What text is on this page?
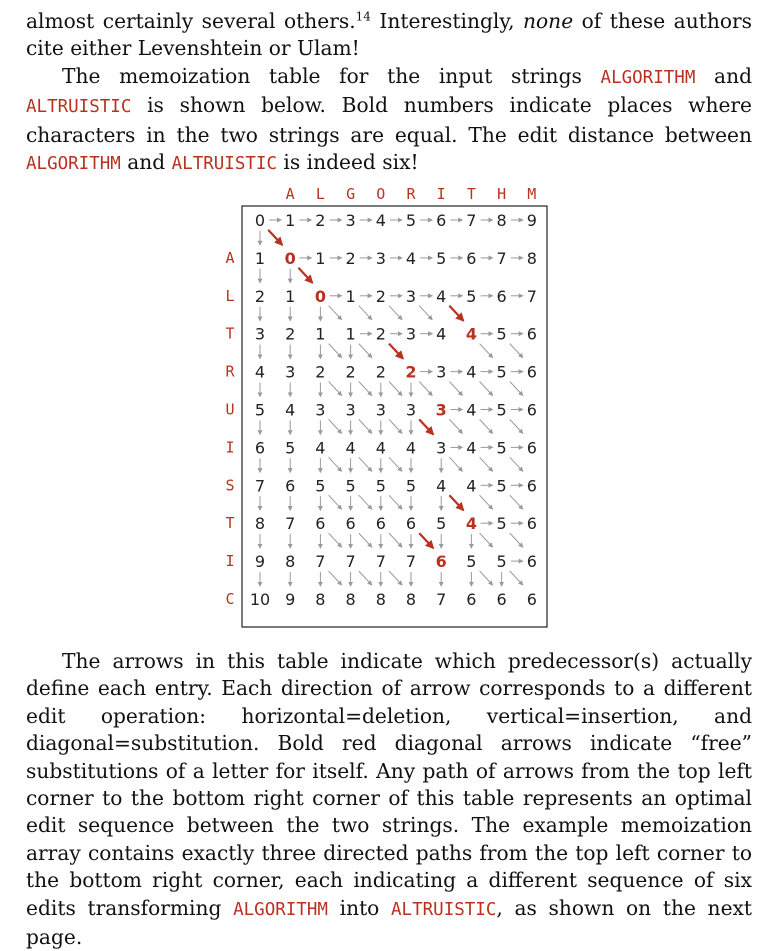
almost certainly several others.$^{14}$ Interestingly, none of these authors cite either Levenshtein or Ulam!

The memoization table for the input strings ALGORITHM and ALTRUISTIC is shown below. Bold numbers indicate places where characters in the two strings are equal. The edit distance between ALGORITHM and ALTRUISTIC is indeed six!

A L G O R I T H M
A
L
T
R
U
I
S
T
I
C
0 1 2 3 4 5 6 7 8 9
1 0 1 2 3 4 5 6 7 8
2 1 0 1 2 3 4 5 6 7
3 2 1 1 2 3 4 4 5 6
4 3 2 2 2 2 3 4 5 6
5 4 3 3 3 3 3 4 5 6
6 5 4 4 4 4 3 4 5 6
7 6 5 5 5 5 4 4 5 6
8 7 6 6 6 6 5 4 5 6
9 8 7 7 7 7 6 5 5 6
10 9 8 8 8 8 7 6 6 6

The arrows in this table indicate which predecessor(s) actually define each entry. Each direction of arrow corresponds to a different edit operation: horizontal=deletion, vertical=insertion, and diagonal=substitution. Bold red diagonal arrows indicate “free” substitutions of a letter for itself. Any path of arrows from the top left corner to the bottom right corner of this table represents an optimal edit sequence between the two strings. The example memoization array contains exactly three directed paths from the top left corner to the bottom right corner, each indicating a different sequence of six edits transforming ALGORITHM into ALTRUISTIC, as shown on the next page.
